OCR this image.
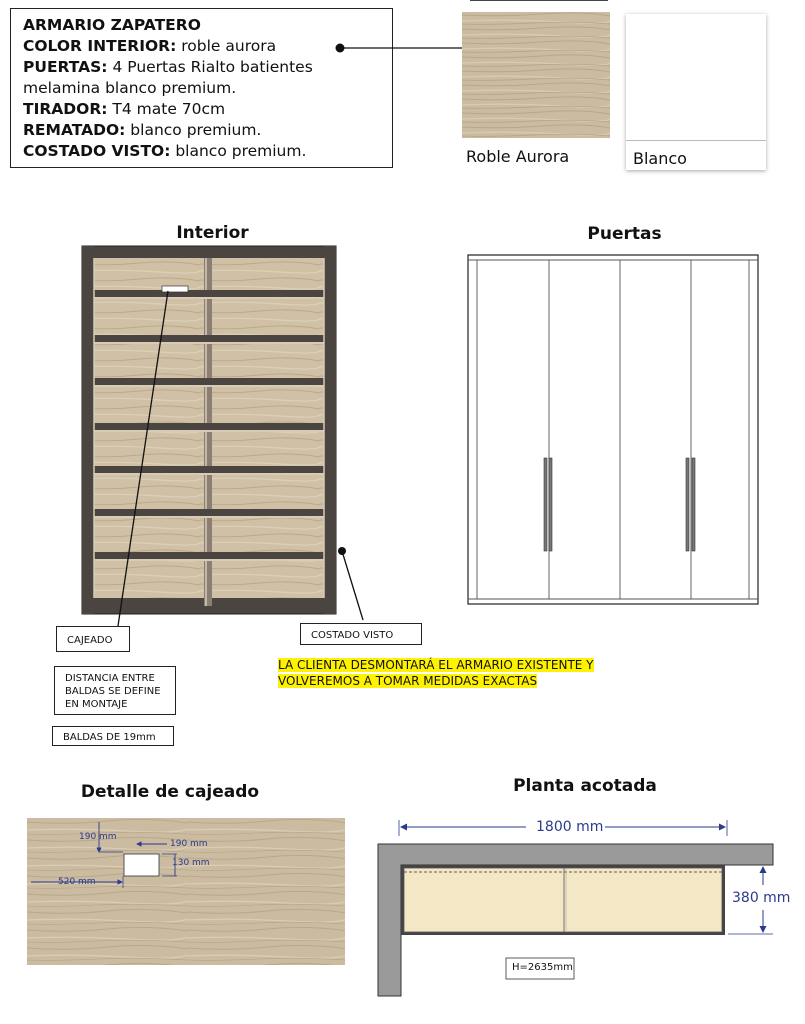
ARMARIO ZAPATERO
COLOR INTERIOR: roble aurora
PUERTAS: 4 Puertas Rialto batientes
melamina blanco premium.
TIRADOR: T4 mate 70cm
REMATADO: blanco premium.
COSTADO VISTO: blanco premium.	Roble Aurora	Blanco
Interior	Puertas
CAJEADO	COSTADO VISTO
DISTANCIA ENTRE
BALDAS SE DEFINE
EN MONTAJE
BALDAS DE 19mm
LA CLIENTA DESMONTARÁ EL ARMARIO EXISTENTE Y
VOLVEREMOS A TOMAR MEDIDAS EXACTAS
Detalle de cajeado
190 mm
190 mm
130 mm
520 mm
Planta acotada
1800 mm
380 mm
H=2635mm
